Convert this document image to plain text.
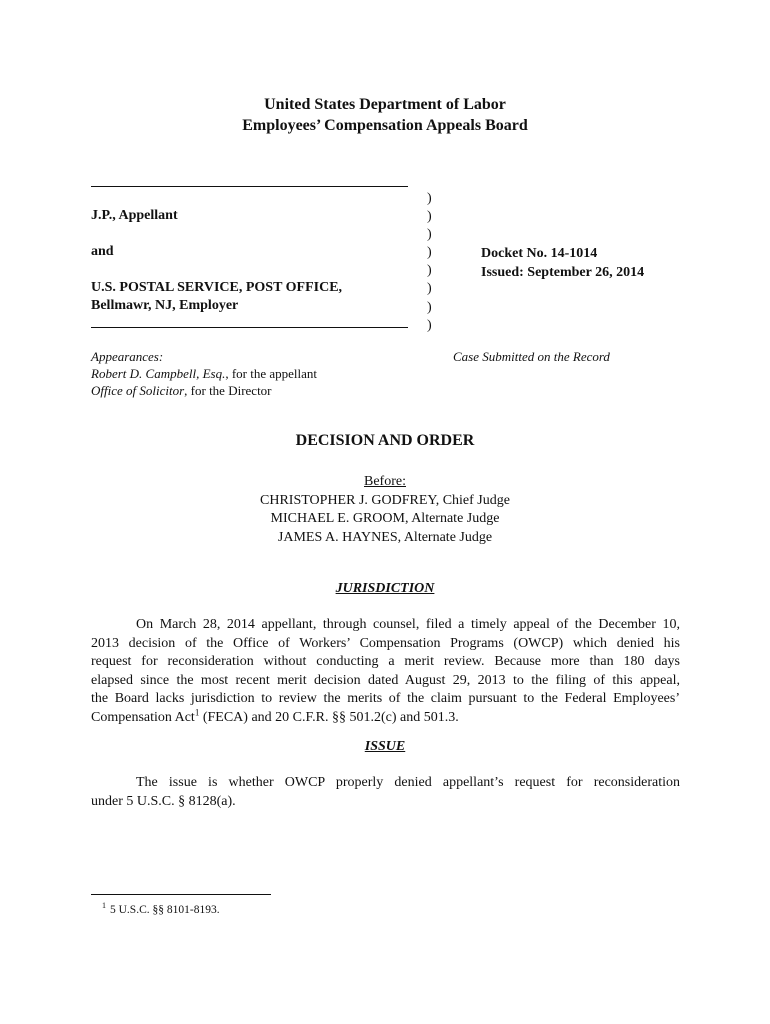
United States Department of Labor
Employees’ Compensation Appeals Board
J.P., Appellant
and
U.S. POSTAL SERVICE, POST OFFICE,
Bellmawr, NJ, Employer
)
)
)
)
)
)
)
)
Docket No. 14-1014
Issued: September 26, 2014
Appearances:
Robert D. Campbell, Esq., for the appellant
Office of Solicitor, for the Director
Case Submitted on the Record
DECISION AND ORDER
Before:
CHRISTOPHER J. GODFREY, Chief Judge
MICHAEL E. GROOM, Alternate Judge
JAMES A. HAYNES, Alternate Judge
JURISDICTION
On March 28, 2014 appellant, through counsel, filed a timely appeal of the December 10,
2013 decision of the Office of Workers’ Compensation Programs (OWCP) which denied his
request for reconsideration without conducting a merit review. Because more than 180 days
elapsed since the most recent merit decision dated August 29, 2013 to the filing of this appeal,
the Board lacks jurisdiction to review the merits of the claim pursuant to the Federal Employees’
Compensation Act$^1$ (FECA) and 20 C.F.R. §§ 501.2(c) and 501.3.
ISSUE
The issue is whether OWCP properly denied appellant’s request for reconsideration
under 5 U.S.C. § 8128(a).
$^1$ 5 U.S.C. §§ 8101-8193.
